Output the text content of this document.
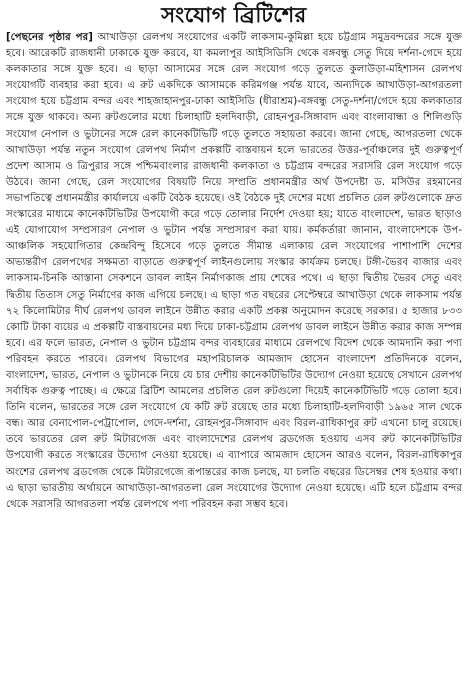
সংযোগ ব্রিটিশের

[পেছনের পৃষ্ঠার পর] আখাউড়া রেলপথ সংযোগের একটি লাকসাম-কুমিল্লা হয়ে চট্টগ্রাম সমুদ্রবন্দরের সঙ্গে যুক্ত হবে। আরেকটি রাজধানী ঢাকাকে যুক্ত করবে, যা কমলাপুর আইসিডিসি থেকে বঙ্গবন্ধু সেতু দিয়ে দর্শনা-গেদে হয়ে কলকাতার সঙ্গে যুক্ত হবে। এ ছাড়া আসামের সঙ্গে রেল সংযোগ গড়ে তুলতে কুলাউড়া-মহিশাসন রেলপথ সংযোগটি ব্যবহার করা হবে। এ রুট একদিকে আসামকে করিমগঞ্জ পর্যন্ত যাবে, অন্যদিকে আখাউড়া-আগরতলা সংযোগ হয়ে চট্টগ্রাম বন্দর এবং শাহজাহানপুর-ঢাকা আইসিডি (ধীরাশ্রম)-বঙ্গবন্ধু সেতু-দর্শনা/গেদে হয়ে কলকাতার সঙ্গে যুক্ত থাকবে। অন্য রুটগুলোর মধ্যে চিলাহাটি হলদিবাড়ী, রোহনপুর-সিঙ্গাবাদ এবং বাংলাবান্ধা ও শিলিগুড়ি সংযোগ নেপাল ও ভুটানের সঙ্গে রেল কানেকটিভিটি গড়ে তুলতে সহায়তা করবে। জানা গেছে, আগরতলা থেকে আখাউড়া পর্যন্ত নতুন সংযোগ রেলপথ নির্মাণ প্রকল্পটি বাস্তবায়ন হলে ভারতের উত্তর-পূর্বাঞ্চলের দুই গুরুত্বপূর্ণ প্রদেশ আসাম ও ত্রিপুরার সঙ্গে পশ্চিমবাংলার রাজধানী কলকাতা ও চট্টগ্রাম বন্দরের সরাসরি রেল সংযোগ গড়ে উঠবে। জানা গেছে, রেল সংযোগের বিষয়টি নিয়ে সম্প্রতি প্রধানমন্ত্রীর অর্থ উপদেষ্টা ড. মসিউর রহমানের সভাপতিত্বে প্রধানমন্ত্রীর কার্যালয়ে একটি বৈঠক হয়েছে। ওই বৈঠকে দুই দেশের মধ্যে প্রচলিত রেল রুটগুলোকে দ্রুত সংস্কারের মাধ্যমে কানেকটিভিটির উপযোগী করে গড়ে তোলার নির্দেশ দেওয়া হয়; যাতে বাংলাদেশ, ভারত ছাড়াও এই যোগাযোগ সম্প্রসারণ নেপাল ও ভুটান পর্যন্ত সম্প্রসারণ করা যায়। কর্মকর্তারা জানান, বাংলাদেশকে উপ-আঞ্চলিক সহযোগিতার কেন্দ্রবিন্দু হিসেবে গড়ে তুলতে সীমান্ত এলাকায় রেল সংযোগের পাশাপাশি দেশের অভ্যন্তরীণ রেলপথের সক্ষমতা বাড়াতে গুরুত্বপূর্ণ লাইনগুলোয় সংস্কার কার্যক্রম চলছে। টঙ্গী-ভৈরব বাজার এবং লাকসাম-চিনকি আস্তানা সেকশনে ডাবল লাইন নির্মাণকাজ প্রায় শেষের পথে। এ ছাড়া দ্বিতীয় ভৈরব সেতু এবং দ্বিতীয় তিতাস সেতু নির্মাণের কাজ এগিয়ে চলছে। এ ছাড়া গত বছরের সেপ্টেম্বরে আখাউড়া থেকে লাকসাম পর্যন্ত ৭২ কিলোমিটার দীর্ঘ রেলপথ ডাবল লাইনে উন্নীত করার একটি প্রকল্প অনুমোদন করেছে সরকার। ৫ হাজার ৮৩৩ কোটি টাকা ব্যয়ের এ প্রকল্পটি বাস্তবায়নের মধ্য দিয়ে ঢাকা-চট্টগ্রাম রেলপথ ডাবল লাইনে উন্নীত করার কাজ সম্পন্ন হবে। এর ফলে ভারত, নেপাল ও ভুটান চট্টগ্রাম বন্দর ব্যবহারের মাধ্যমে রেলপথে বিদেশ থেকে আমদানি করা পণ্য পরিবহন করতে পারবে। রেলপথ বিভাগের মহাপরিচালক আমজাদ হোসেন বাংলাদেশ প্রতিদিনকে বলেন, বাংলাদেশ, ভারত, নেপাল ও ভুটানকে নিয়ে যে চার দেশীয় কানেকটিভিটির উদ্যোগ নেওয়া হয়েছে সেখানে রেলপথ সর্বাধিক গুরুত্ব পাচ্ছে। এ ক্ষেত্রে ব্রিটিশ আমলের প্রচলিত রেল রুটগুলো দিয়েই কানেকটিভিটি গড়ে তোলা হবে। তিনি বলেন, ভারতের সঙ্গে রেল সংযোগে যে কটি রুট রয়েছে তার মধ্যে চিলাহাটি-হলদিবাড়ী ১৯৬৫ সাল থেকে বন্ধ। আর বেনাপোল-পেট্রাপোল, গেদে-দর্শনা, রোহনপুর-সিঙ্গাবাদ এবং বিরল-রাধিকাপুর রুট এখনো চালু রয়েছে। তবে ভারতের রেল রুট মিটারগেজ এবং বাংলাদেশের রেলপথ ব্রডগেজ হওয়ায় এসব রুট কানেকটিভিটির উপযোগী করতে সংস্কারের উদ্যোগ নেওয়া হয়েছে। এ ব্যাপারে আমজাদ হোসেন আরও বলেন, বিরল-রাধিকাপুর অংশের রেলপথ ব্রডগেজ থেকে মিটারগেজে রূপান্তরের কাজ চলছে, যা চলতি বছরের ডিসেম্বর শেষ হওয়ার কথা। এ ছাড়া ভারতীয় অর্থায়নে আখাউড়া-আগরতলা রেল সংযোগের উদ্যোগ নেওয়া হয়েছে। এটি হলে চট্টগ্রাম বন্দর থেকে সরাসরি আগরতলা পর্যন্ত রেলপথে পণ্য পরিবহন করা সম্ভব হবে।
